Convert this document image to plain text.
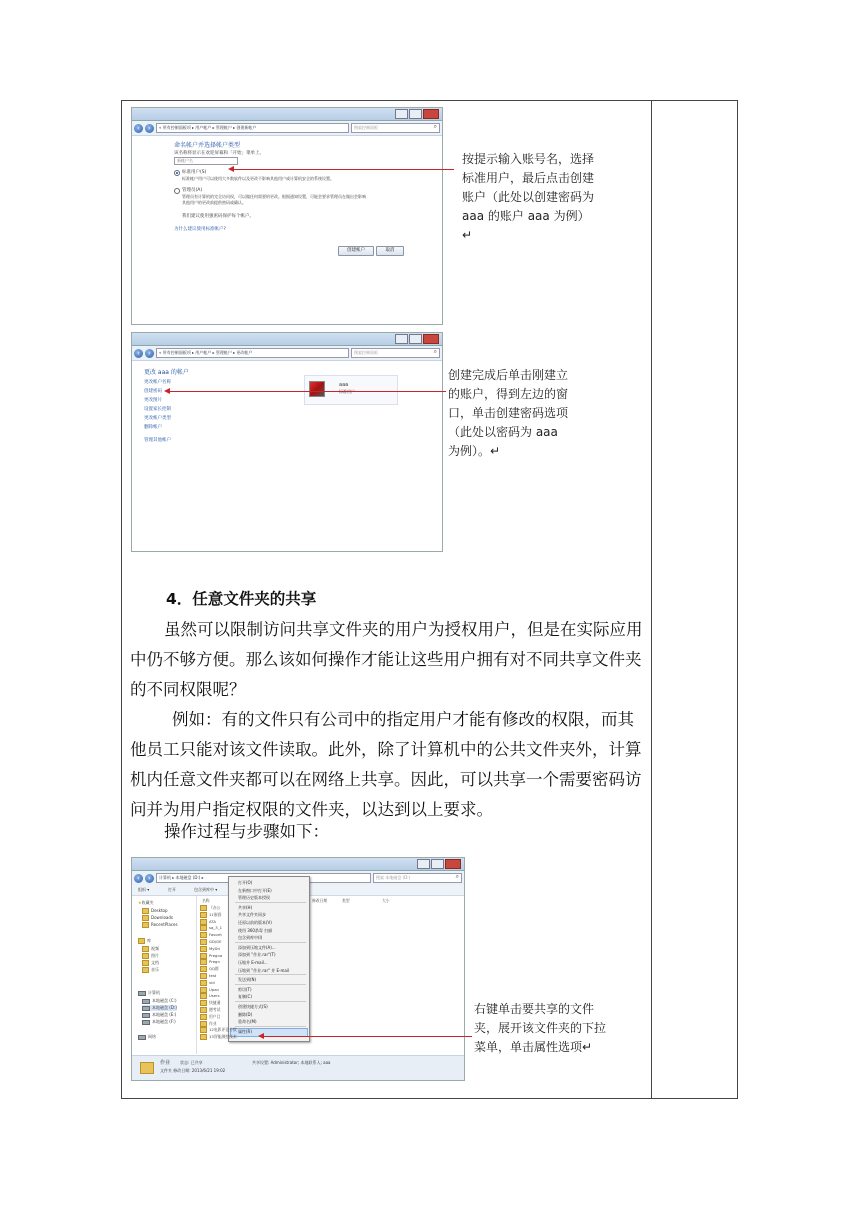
‹	›	« 所有控制面板项 ▸ 用户帐户 ▸ 管理帐户 ▸ 创建新帐户	搜索控制面板	⌕
命名帐户并选择帐户类型
该名称将显示在欢迎屏幕和「开始」菜单上。
新帐户名
标准用户(S)
标准帐户用户可以使用大多数软件以及更改不影响其他用户或计算机安全的系统设置。
管理员(A)
管理员有计算机的完全访问权，可以做任何需要的更改。根据通知设置，可能会要求管理员在做出会影响
其他用户的更改前提供密码或确认。
我们建议使用强密码保护每个帐户。
为什么建议使用标准帐户?
创建帐户	取消
按提示输入账号名，选择标准用户，最后点击创建账户（此处以创建密码为aaa 的账户 aaa 为例）↵
‹	›	« 所有控制面板项 ▸ 用户帐户 ▸ 管理帐户 ▸ 更改帐户	搜索控制面板	⌕
更改 aaa 的帐户
更改帐户名称
创建密码
更改图片
设置家长控制
更改帐户类型
删除帐户
管理其他帐户
aaa
创建完成后单击刚建立的账户，得到左边的窗口，单击创建密码选项（此处以密码为 aaa 为例）。↵
4．任意文件夹的共享
虽然可以限制访问共享文件夹的用户为授权用户，但是在实际应用中仍不够方便。那么该如何操作才能让这些用户拥有对不同共享文件夹的不同权限呢？
例如：有的文件只有公司中的指定用户才能有修改的权限，而其他员工只能对该文件读取。此外，除了计算机中的公共文件夹外，计算机内任意文件夹都可以在网络上共享。因此，可以共享一个需要密码访问并为用户指定权限的文件夹，以达到以上要求。
操作过程与步骤如下：
‹	›	计算机 ▸ 本地磁盘 (D:) ▸	搜索 本地磁盘 (D:)	⌕
组织 ▾	打开	包含到库中 ▾
★收藏夹
Desktop
Downloads
RecentPlaces
库
视频
图片
文档
音乐
计算机
本地磁盘 (C:)
本地磁盘 (D:)
本地磁盘 (E:)
本地磁盘 (F:)
网络
名称	修改日期	类型	大小
打开(O)
在新窗口中打开(E)
管理历史版本授权
共享(H)
共享文件夹同步
还原以前的版本(V)
使用 360杀毒 扫描
包含到库中(I)
添加到压缩文件(A)...
添加到 "作业.rar"(T)
压缩并 E-mail...
压缩到 "作业.rar" 并 E-mail
发送到(N)
剪切(T)
复制(C)
创建快捷方式(S)
删除(D)
重命名(M)
属性(R)
作业 状态: 已共享
文件夹 修改日期: 2013/6/21 19:02
共享设置: Administrator; 本地联系人; aaa
《办公
11嵌固
ATA
sq_3_1
Favorit
GD/GE
MyDri
Pregna
Pregn
QQ群
test
vld
Upan
Users
快捷通
德考试
用户目
作业
12电影评论分数
13智能测控技术
右键单击要共享的文件夹，展开该文件夹的下拉菜单，单击属性选项↵
